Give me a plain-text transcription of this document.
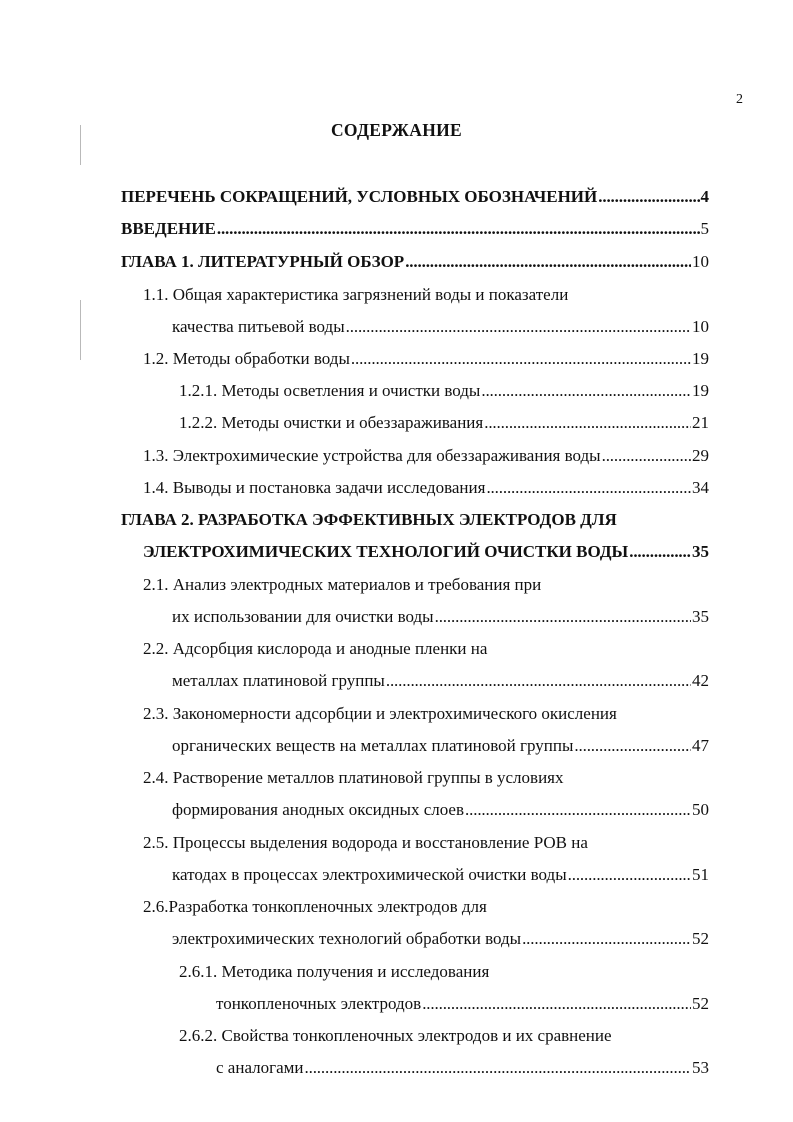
2
СОДЕРЖАНИЕ
ПЕРЕЧЕНЬ СОКРАЩЕНИЙ, УСЛОВНЫХ ОБОЗНАЧЕНИЙ . . .	4
ВВЕДЕНИЕ . . .	5
ГЛАВА 1. ЛИТЕРАТУРНЫЙ ОБЗОР . . .	10
1.1. Общая характеристика загрязнений воды и показатели
качества питьевой воды . . .	10
1.2. Методы обработки воды . . .	19
1.2.1. Методы осветления и очистки воды . . .	19
1.2.2. Методы очистки и обеззараживания . . .	21
1.3. Электрохимические устройства для обеззараживания воды . . .	29
1.4. Выводы и постановка задачи исследования . . .	34
ГЛАВА 2. РАЗРАБОТКА ЭФФЕКТИВНЫХ ЭЛЕКТРОДОВ ДЛЯ
ЭЛЕКТРОХИМИЧЕСКИХ ТЕХНОЛОГИЙ ОЧИСТКИ ВОДЫ . . .	35
2.1. Анализ электродных материалов и требования при
их использовании для очистки воды . . .	35
2.2. Адсорбция кислорода и анодные пленки на
металлах платиновой группы . . .	42
2.3. Закономерности адсорбции и электрохимического окисления
органических веществ на металлах платиновой группы . . .	47
2.4. Растворение металлов платиновой группы в условиях
формирования анодных оксидных слоев . . .	50
2.5. Процессы выделения водорода и восстановление РОВ на
катодах в процессах электрохимической очистки воды . . .	51
2.6.Разработка тонкопленочных электродов для
электрохимических технологий обработки воды . . .	52
2.6.1. Методика получения и исследования
тонкопленочных электродов . . .	52
2.6.2. Свойства тонкопленочных электродов и их сравнение
с аналогами . . .	53
